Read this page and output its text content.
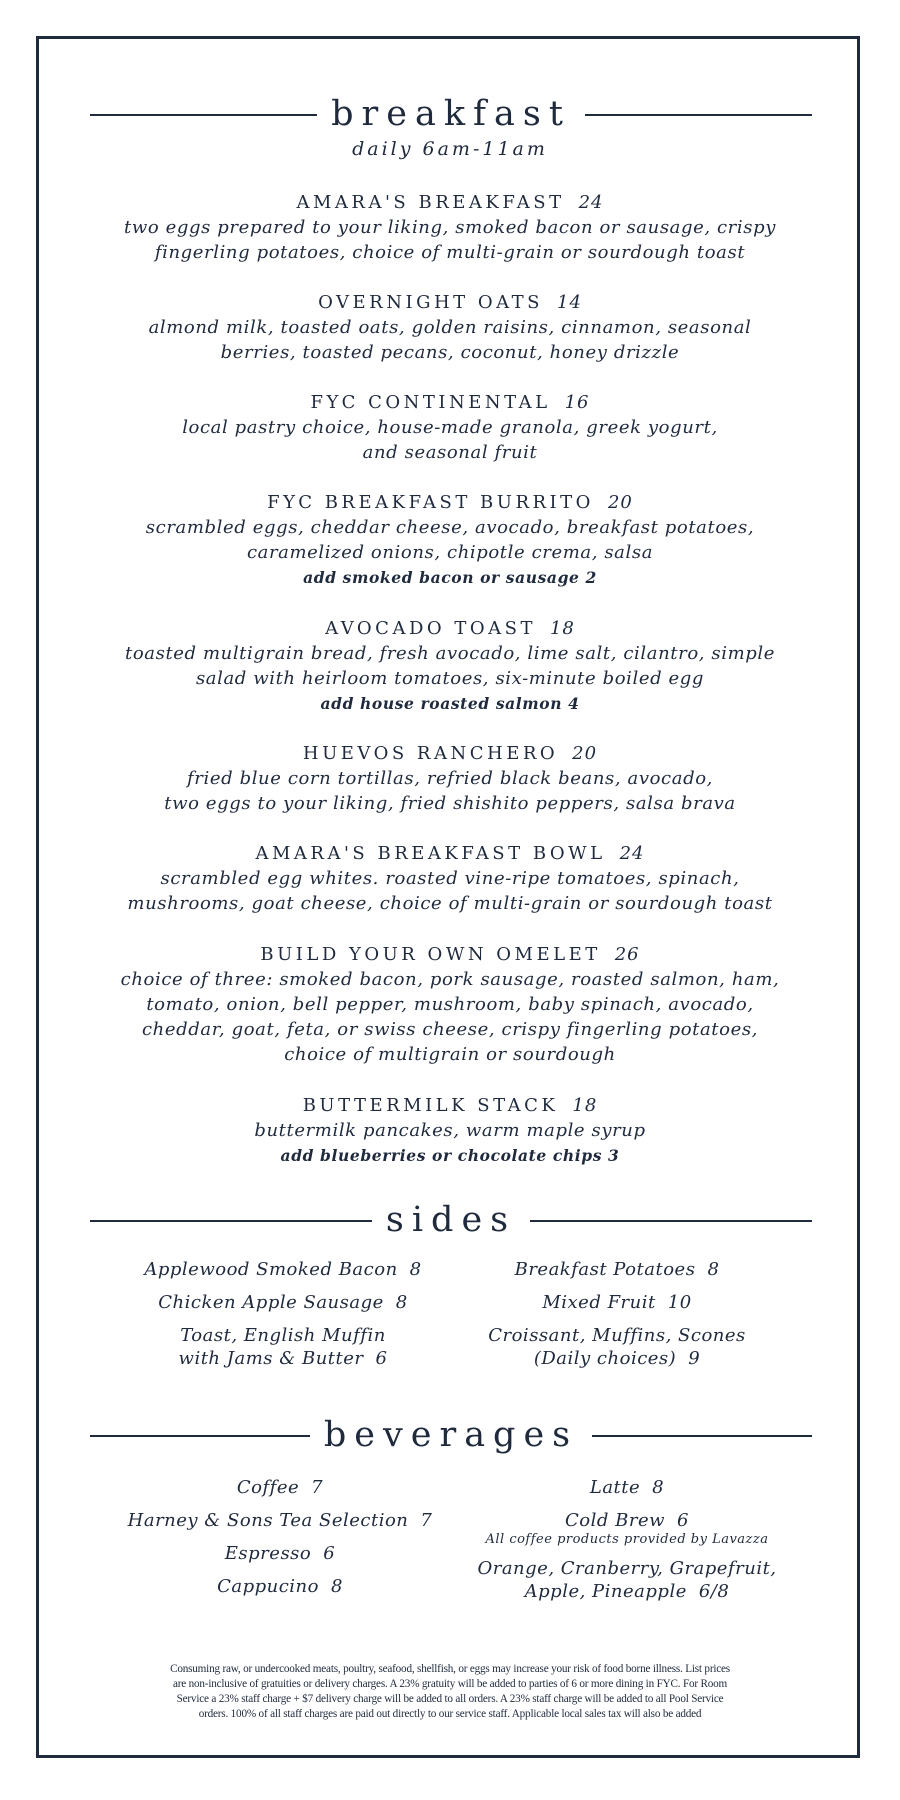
breakfast
daily 6am-11am
AMARA'S BREAKFAST 24
two eggs prepared to your liking, smoked bacon or sausage, crispy
fingerling potatoes, choice of multi-grain or sourdough toast
OVERNIGHT OATS 14
almond milk, toasted oats, golden raisins, cinnamon, seasonal
berries, toasted pecans, coconut, honey drizzle
FYC CONTINENTAL 16
local pastry choice, house-made granola, greek yogurt,
and seasonal fruit
FYC BREAKFAST BURRITO 20
scrambled eggs, cheddar cheese, avocado, breakfast potatoes,
caramelized onions, chipotle crema, salsa
add smoked bacon or sausage 2
AVOCADO TOAST 18
toasted multigrain bread, fresh avocado, lime salt, cilantro, simple
salad with heirloom tomatoes, six-minute boiled egg
add house roasted salmon 4
HUEVOS RANCHERO 20
fried blue corn tortillas, refried black beans, avocado,
two eggs to your liking, fried shishito peppers, salsa brava
AMARA'S BREAKFAST BOWL 24
scrambled egg whites. roasted vine-ripe tomatoes, spinach,
mushrooms, goat cheese, choice of multi-grain or sourdough toast
BUILD YOUR OWN OMELET 26
choice of three: smoked bacon, pork sausage, roasted salmon, ham,
tomato, onion, bell pepper, mushroom, baby spinach, avocado,
cheddar, goat, feta, or swiss cheese, crispy fingerling potatoes,
choice of multigrain or sourdough
BUTTERMILK STACK 18
buttermilk pancakes, warm maple syrup
add blueberries or chocolate chips 3
sides
Applewood Smoked Bacon 8
Chicken Apple Sausage 8
Toast, English Muffin
with Jams & Butter 6
Breakfast Potatoes 8
Mixed Fruit 10
Croissant, Muffins, Scones
(Daily choices) 9
beverages
Coffee 7
Harney & Sons Tea Selection 7
Espresso 6
Cappucino 8
Latte 8
Cold Brew 6
All coffee products provided by Lavazza
Orange, Cranberry, Grapefruit,
Apple, Pineapple 6/8
Consuming raw, or undercooked meats, poultry, seafood, shellfish, or eggs may increase your risk of food borne illness. List prices
are non-inclusive of gratuities or delivery charges. A 23% gratuity will be added to parties of 6 or more dining in FYC. For Room
Service a 23% staff charge + $7 delivery charge will be added to all orders. A 23% staff charge will be added to all Pool Service
orders. 100% of all staff charges are paid out directly to our service staff. Applicable local sales tax will also be added
